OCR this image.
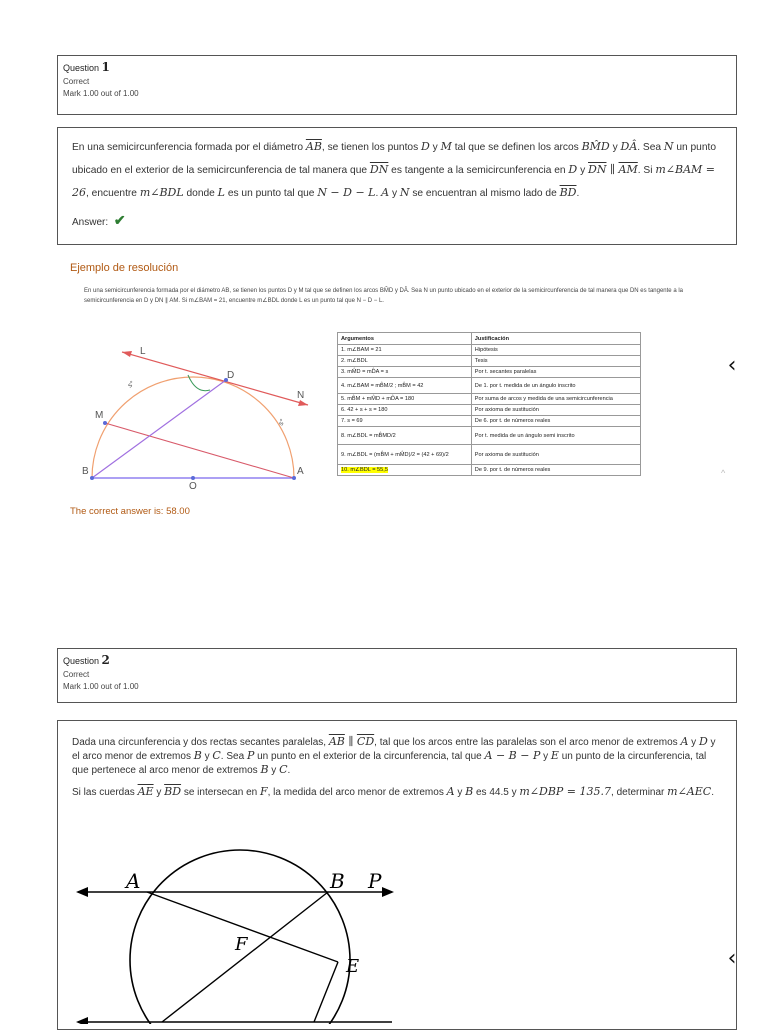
Question 1
Correct
Mark 1.00 out of 1.00
En una semicircunferencia formada por el diámetro $\overline{AB}$, se tienen los puntos D y M tal que se definen los arcos BM̂D y DÂ. Sea N un punto ubicado en el exterior de la semicircunferencia de tal manera que $\overline{DN}$ es tangente a la semicircunferencia en D y $\overline{DN}$ ∥ $\overline{AM}$. Si m∠BAM = 26, encuentre m∠BDL donde L es un punto tal que N − D − L. A y N se encuentran al mismo lado de $\overline{BD}$.
Answer: ✔
Ejemplo de resolución
En una semicircunferencia formada por el diámetro AB, se tienen los puntos D y M tal que se definen los arcos BM̂D y DÂ. Sea N un punto ubicado en el exterior de la semicircunferencia de tal manera que DN es tangente a la semicircunferencia en D y DN ∥ AM. Si m∠BAM = 21, encuentre m∠BDL donde L es un punto tal que N − D − L.
L
D
N
M
B
O
A
s°
s°
Argumentos	Justificación
1. m∠BAM = 21	Hipótesis
2. m∠BDL	Tesis
3. mM̂D = mD̂A = s	Por t. secantes paralelas
4. m∠BAM = mB̂M/2 ; mB̂M = 42	De 1. por t. medida de un ángulo inscrito
5. mB̂M + mM̂D + mD̂A = 180	Por suma de arcos y medida de una semicircunferencia
6. 42 + s + s = 180	Por axioma de sustitución
7. s = 69	De 6. por t. de números reales
8. m∠BDL = mB̂MD/2	Por t. medida de un ángulo semi inscrito
9. m∠BDL = (mB̂M + mM̂D)/2 = (42 + 69)/2	Por axioma de sustitución
10. m∠BDL = 55,5	De 9. por t. de números reales
The correct answer is: 58.00
Question 2
Correct
Mark 1.00 out of 1.00
Dada una circunferencia y dos rectas secantes paralelas, $\overline{AB}$ ∥ $\overline{CD}$, tal que los arcos entre las paralelas son el arco menor de extremos A y D y el arco menor de extremos B y C. Sea P un punto en el exterior de la circunferencia, tal que A − B − P y E un punto de la circunferencia, tal que pertenece al arco menor de extremos B y C.
Si las cuerdas $\overline{AE}$ y $\overline{BD}$ se intersecan en F, la medida del arco menor de extremos A y B es 44.5 y m∠DBP = 135.7, determinar m∠AEC.
A	B P
F
E
‹
^
‹
